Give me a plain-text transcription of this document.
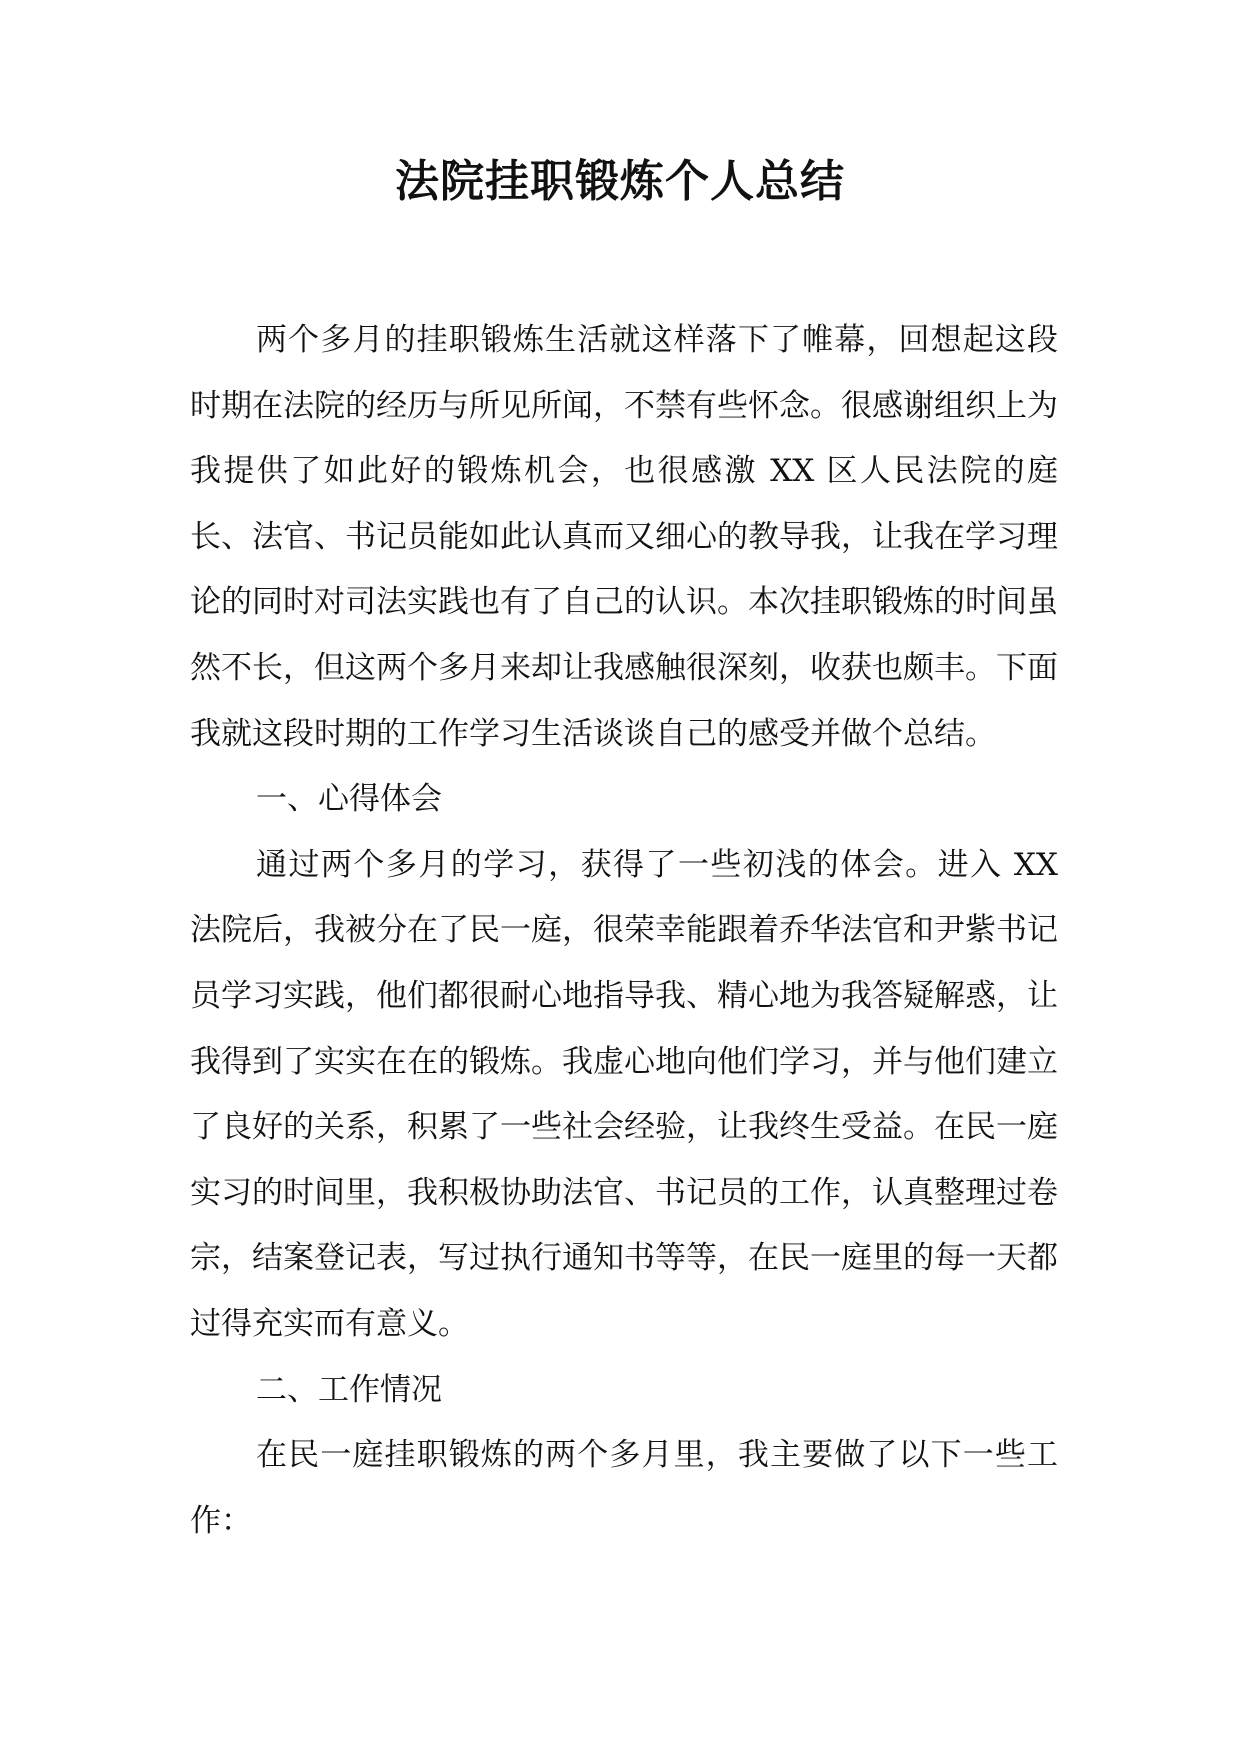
法院挂职锻炼个人总结

两个多月的挂职锻炼生活就这样落下了帷幕，回想起这段时期在法院的经历与所见所闻，不禁有些怀念。很感谢组织上为我提供了如此好的锻炼机会，也很感激 XX 区人民法院的庭长、法官、书记员能如此认真而又细心的教导我，让我在学习理论的同时对司法实践也有了自己的认识。本次挂职锻炼的时间虽然不长，但这两个多月来却让我感触很深刻，收获也颇丰。下面我就这段时期的工作学习生活谈谈自己的感受并做个总结。

一、心得体会

通过两个多月的学习，获得了一些初浅的体会。进入 XX 法院后，我被分在了民一庭，很荣幸能跟着乔华法官和尹紫书记员学习实践，他们都很耐心地指导我、精心地为我答疑解惑，让我得到了实实在在的锻炼。我虚心地向他们学习，并与他们建立了良好的关系，积累了一些社会经验，让我终生受益。在民一庭实习的时间里，我积极协助法官、书记员的工作，认真整理过卷宗，结案登记表，写过执行通知书等等，在民一庭里的每一天都过得充实而有意义。

二、工作情况

在民一庭挂职锻炼的两个多月里，我主要做了以下一些工作：
